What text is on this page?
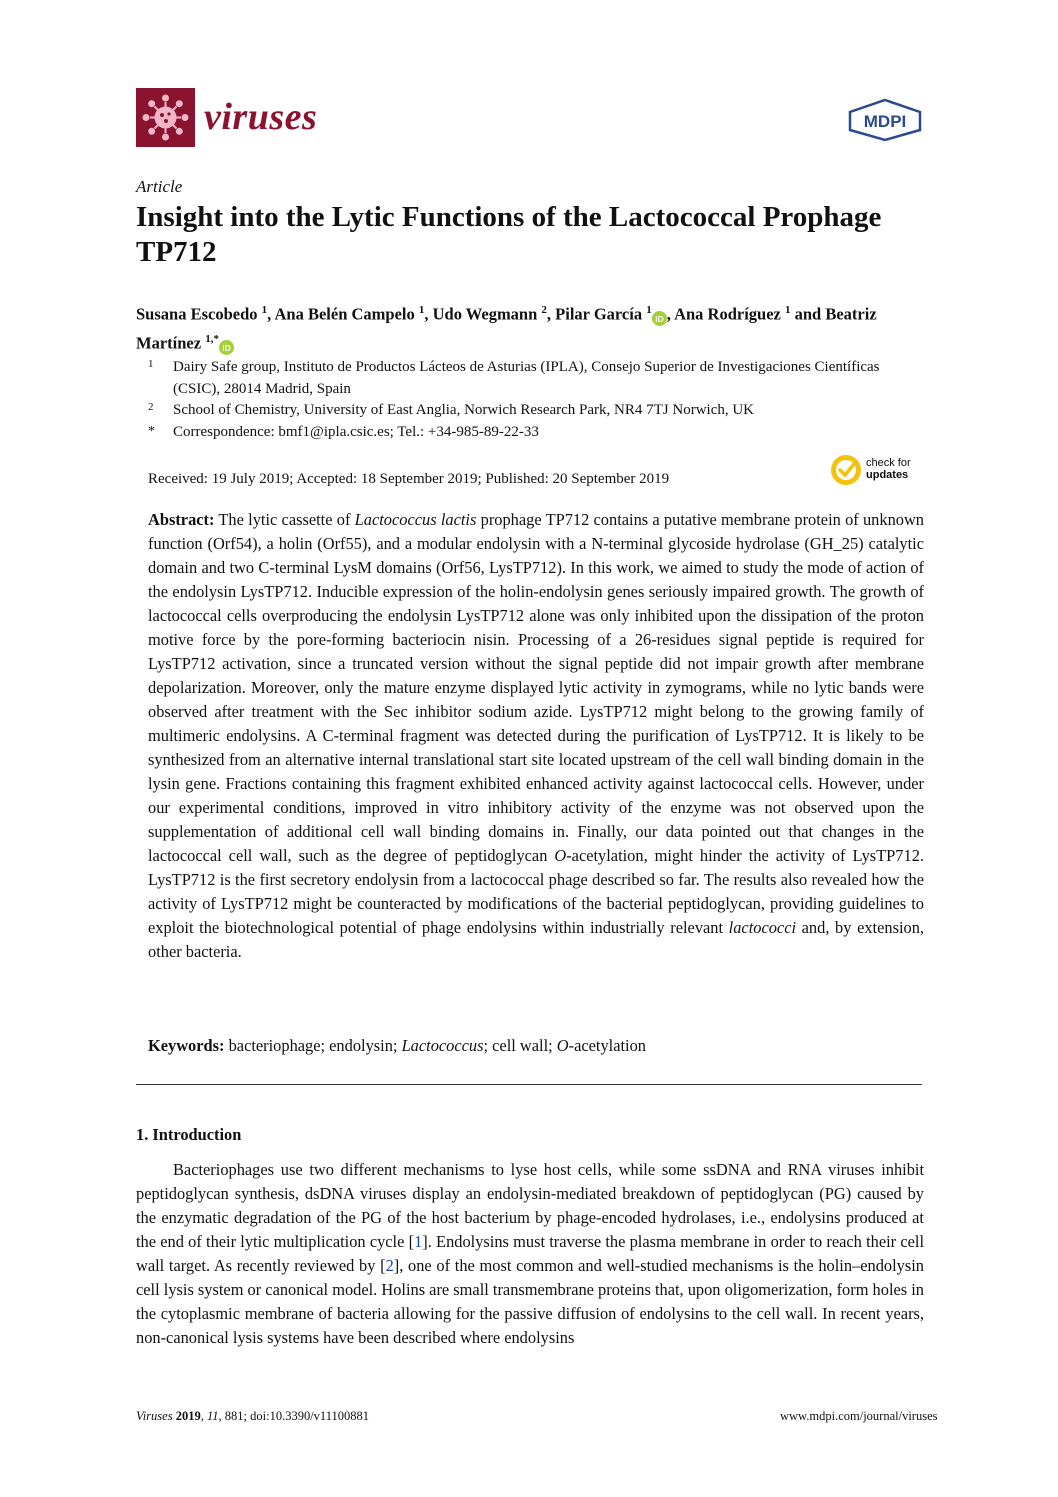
viruses	MDPI
Article
Insight into the Lytic Functions of the Lactococcal Prophage TP712
Susana Escobedo $^1$, Ana Belén Campelo $^1$, Udo Wegmann $^2$, Pilar García $^1$
iD , Ana Rodríguez $^1$ and Beatriz Martínez $^{1,*}$
iD
1 Dairy Safe group, Instituto de Productos Lácteos de Asturias (IPLA), Consejo Superior de Investigaciones Científicas (CSIC), 28014 Madrid, Spain
2 School of Chemistry, University of East Anglia, Norwich Research Park, NR4 7TJ Norwich, UK
* Correspondence: bmf1@ipla.csic.es; Tel.: +34-985-89-22-33
Received: 19 July 2019; Accepted: 18 September 2019; Published: 20 September 2019
check for
updates

Abstract: The lytic cassette of Lactococcus lactis prophage TP712 contains a putative membrane protein of unknown function (Orf54), a holin (Orf55), and a modular endolysin with a N-terminal glycoside hydrolase (GH_25) catalytic domain and two C-terminal LysM domains (Orf56, LysTP712). In this work, we aimed to study the mode of action of the endolysin LysTP712. Inducible expression of the holin-endolysin genes seriously impaired growth. The growth of lactococcal cells overproducing the endolysin LysTP712 alone was only inhibited upon the dissipation of the proton motive force by the pore-forming bacteriocin nisin. Processing of a 26-residues signal peptide is required for LysTP712 activation, since a truncated version without the signal peptide did not impair growth after membrane depolarization. Moreover, only the mature enzyme displayed lytic activity in zymograms, while no lytic bands were observed after treatment with the Sec inhibitor sodium azide. LysTP712 might belong to the growing family of multimeric endolysins. A C-terminal fragment was detected during the purification of LysTP712. It is likely to be synthesized from an alternative internal translational start site located upstream of the cell wall binding domain in the lysin gene. Fractions containing this fragment exhibited enhanced activity against lactococcal cells. However, under our experimental conditions, improved in vitro inhibitory activity of the enzyme was not observed upon the supplementation of additional cell wall binding domains in. Finally, our data pointed out that changes in the lactococcal cell wall, such as the degree of peptidoglycan O-acetylation, might hinder the activity of LysTP712. LysTP712 is the first secretory endolysin from a lactococcal phage described so far. The results also revealed how the activity of LysTP712 might be counteracted by modifications of the bacterial peptidoglycan, providing guidelines to exploit the biotechnological potential of phage endolysins within industrially relevant lactococci and, by extension, other bacteria.

Keywords: bacteriophage; endolysin; Lactococcus; cell wall; O-acetylation

1. Introduction

Bacteriophages use two different mechanisms to lyse host cells, while some ssDNA and RNA viruses inhibit peptidoglycan synthesis, dsDNA viruses display an endolysin-mediated breakdown of peptidoglycan (PG) caused by the enzymatic degradation of the PG of the host bacterium by phage-encoded hydrolases, i.e., endolysins produced at the end of their lytic multiplication cycle [1]. Endolysins must traverse the plasma membrane in order to reach their cell wall target. As recently reviewed by [2], one of the most common and well-studied mechanisms is the holin–endolysin cell lysis system or canonical model. Holins are small transmembrane proteins that, upon oligomerization, form holes in the cytoplasmic membrane of bacteria allowing for the passive diffusion of endolysins to the cell wall. In recent years, non-canonical lysis systems have been described where endolysins

Viruses 2019, 11, 881; doi:10.3390/v11100881	www.mdpi.com/journal/viruses
